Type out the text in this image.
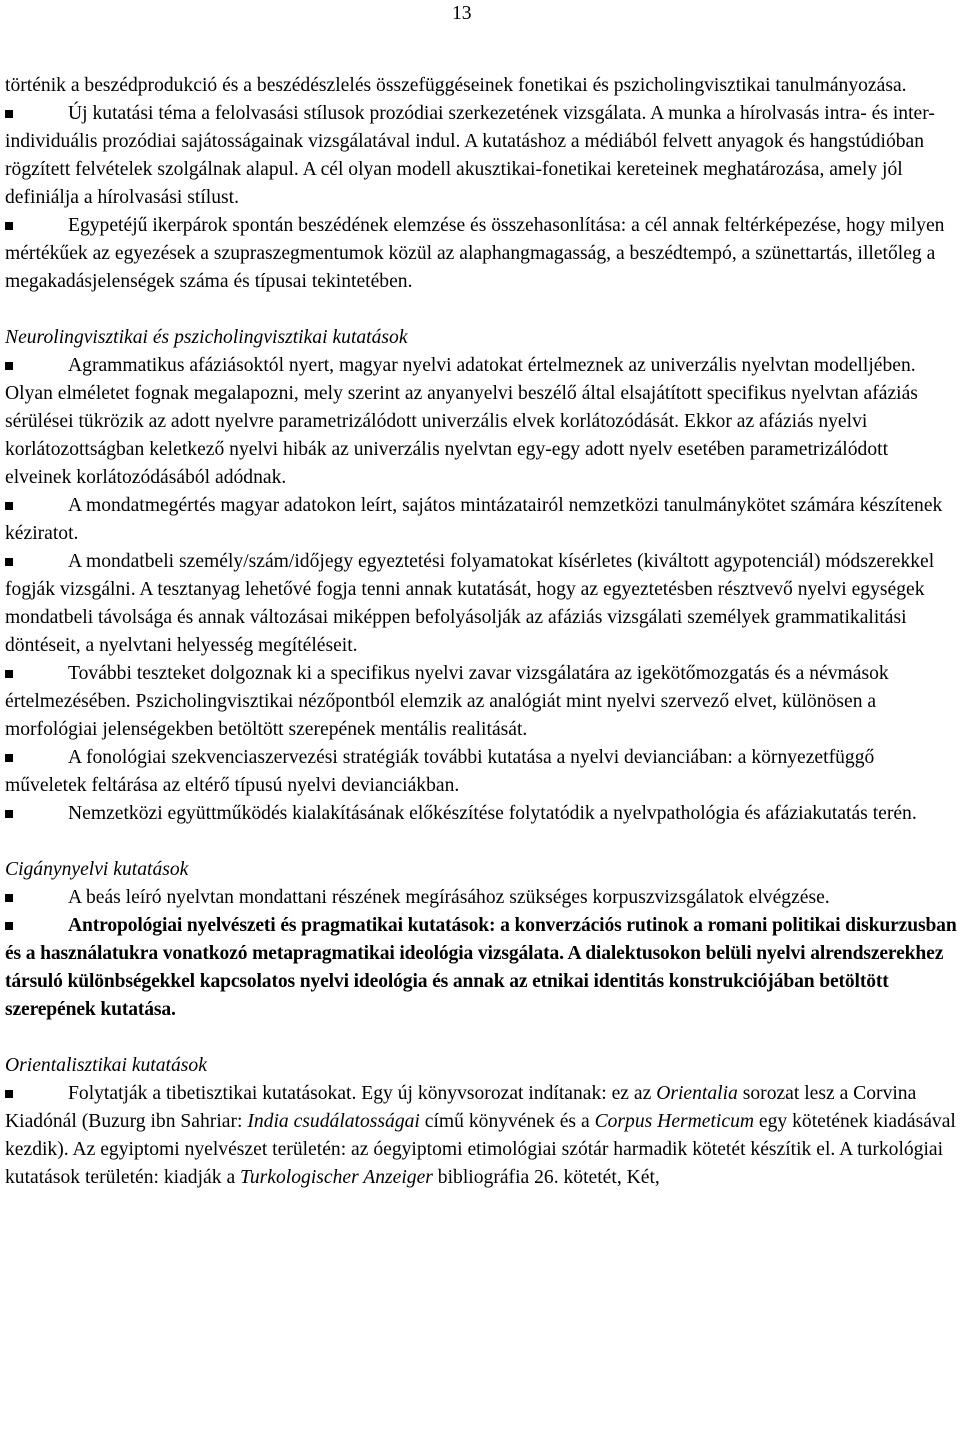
13

történik a beszédprodukció és a beszédészlelés összefüggéseinek fonetikai és pszicholingvisztikai tanulmányozása.

Új kutatási téma a felolvasási stílusok prozódiai szerkezetének vizsgálata. A munka a hírolvasás intra- és inter-individuális prozódiai sajátosságainak vizsgálatával indul. A kutatáshoz a médiából felvett anyagok és hangstúdióban rögzített felvételek szolgálnak alapul. A cél olyan modell akusztikai-fonetikai kereteinek meghatározása, amely jól definiálja a hírolvasási stílust.

Egypetéjű ikerpárok spontán beszédének elemzése és összehasonlítása: a cél annak feltérképezése, hogy milyen mértékűek az egyezések a szupraszegmentumok közül az alaphangmagasság, a beszédtempó, a szünettartás, illetőleg a megakadásjelenségek száma és típusai tekintetében.

Neurolingvisztikai és pszicholingvisztikai kutatások

Agrammatikus afáziásoktól nyert, magyar nyelvi adatokat értelmeznek az univerzális nyelvtan modelljében. Olyan elméletet fognak megalapozni, mely szerint az anyanyelvi beszélő által elsajátított specifikus nyelvtan afáziás sérülései tükrözik az adott nyelvre parametrizálódott univerzális elvek korlátozódását. Ekkor az afáziás nyelvi korlátozottságban keletkező nyelvi hibák az univerzális nyelvtan egy-egy adott nyelv esetében parametrizálódott elveinek korlátozódásából adódnak.

A mondatmegértés magyar adatokon leírt, sajátos mintázatairól nemzetközi tanulmánykötet számára készítenek kéziratot.

A mondatbeli személy/szám/időjegy egyeztetési folyamatokat kísérletes (kiváltott agypotenciál) módszerekkel fogják vizsgálni. A tesztanyag lehetővé fogja tenni annak kutatását, hogy az egyeztetésben résztvevő nyelvi egységek mondatbeli távolsága és annak változásai miképpen befolyásolják az afáziás vizsgálati személyek grammatikalitási döntéseit, a nyelvtani helyesség megítéléseit.

További teszteket dolgoznak ki a specifikus nyelvi zavar vizsgálatára az igekötőmozgatás és a névmások értelmezésében. Pszicholingvisztikai nézőpontból elemzik az analógiát mint nyelvi szervező elvet, különösen a morfológiai jelenségekben betöltött szerepének mentális realitását.

A fonológiai szekvenciaszervezési stratégiák további kutatása a nyelvi devianciában: a környezetfüggő műveletek feltárása az eltérő típusú nyelvi devianciákban.

Nemzetközi együttműködés kialakításának előkészítése folytatódik a nyelvpathológia és afáziakutatás terén.

Cigánynyelvi kutatások

A beás leíró nyelvtan mondattani részének megírásához szükséges korpuszvizsgálatok elvégzése.

Antropológiai nyelvészeti és pragmatikai kutatások: a konverzációs rutinok a romani politikai diskurzusban és a használatukra vonatkozó metapragmatikai ideológia vizsgálata. A dialektusokon belüli nyelvi alrendszerekhez társuló különbségekkel kapcsolatos nyelvi ideológia és annak az etnikai identitás konstrukciójában betöltött szerepének kutatása.

Orientalisztikai kutatások

Folytatják a tibetisztikai kutatásokat. Egy új könyvsorozat indítanak: ez az Orientalia sorozat lesz a Corvina Kiadónál (Buzurg ibn Sahriar: India csudálatosságai című könyvének és a Corpus Hermeticum egy kötetének kiadásával kezdik). Az egyiptomi nyelvészet területén: az óegyiptomi etimológiai szótár harmadik kötetét készítik el. A turkológiai kutatások területén: kiadják a Turkologischer Anzeiger bibliográfia 26. kötetét, Két,
